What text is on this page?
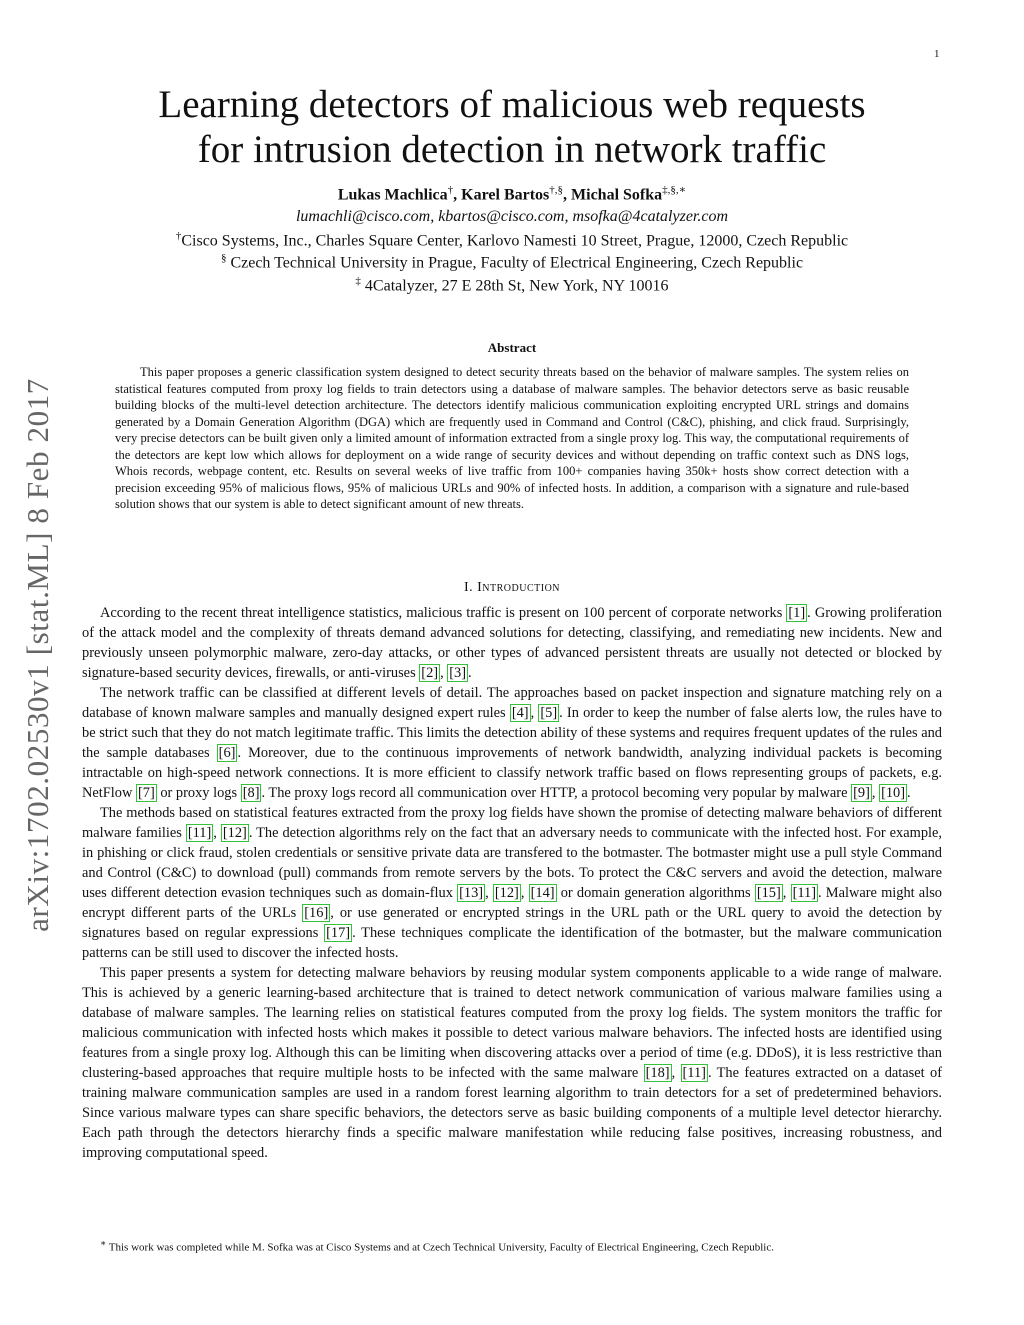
1
arXiv:1702.02530v1 [stat.ML] 8 Feb 2017
Learning detectors of malicious web requests
for intrusion detection in network traffic
Lukas Machlica†, Karel Bartos†,§, Michal Sofka‡,§,∗
lumachli@cisco.com, kbartos@cisco.com, msofka@4catalyzer.com
†Cisco Systems, Inc., Charles Square Center, Karlovo Namesti 10 Street, Prague, 12000, Czech Republic
§ Czech Technical University in Prague, Faculty of Electrical Engineering, Czech Republic
‡ 4Catalyzer, 27 E 28th St, New York, NY 10016
Abstract

This paper proposes a generic classification system designed to detect security threats based on the behavior of malware samples. The system relies on statistical features computed from proxy log fields to train detectors using a database of malware samples. The behavior detectors serve as basic reusable building blocks of the multi-level detection architecture. The detectors identify malicious communication exploiting encrypted URL strings and domains generated by a Domain Generation Algorithm (DGA) which are frequently used in Command and Control (C&C), phishing, and click fraud. Surprisingly, very precise detectors can be built given only a limited amount of information extracted from a single proxy log. This way, the computational requirements of the detectors are kept low which allows for deployment on a wide range of security devices and without depending on traffic context such as DNS logs, Whois records, webpage content, etc. Results on several weeks of live traffic from 100+ companies having 350k+ hosts show correct detection with a precision exceeding 95% of malicious flows, 95% of malicious URLs and 90% of infected hosts. In addition, a comparison with a signature and rule-based solution shows that our system is able to detect significant amount of new threats.

I. Introduction

According to the recent threat intelligence statistics, malicious traffic is present on 100 percent of corporate networks [1] . Growing proliferation of the attack model and the complexity of threats demand advanced solutions for detecting, classifying, and remediating new incidents. New and previously unseen polymorphic malware, zero-day attacks, or other types of advanced persistent threats are usually not detected or blocked by signature-based security devices, firewalls, or anti-viruses [2] , [3] .

The network traffic can be classified at different levels of detail. The approaches based on packet inspection and signature matching rely on a database of known malware samples and manually designed expert rules [4] , [5] . In order to keep the number of false alerts low, the rules have to be strict such that they do not match legitimate traffic. This limits the detection ability of these systems and requires frequent updates of the rules and the sample databases [6] . Moreover, due to the continuous improvements of network bandwidth, analyzing individual packets is becoming intractable on high-speed network connections. It is more efficient to classify network traffic based on flows representing groups of packets, e.g. NetFlow [7] or proxy logs [8] . The proxy logs record all communication over HTTP, a protocol becoming very popular by malware [9] , [10] .

The methods based on statistical features extracted from the proxy log fields have shown the promise of detecting malware behaviors of different malware families [11] , [12] . The detection algorithms rely on the fact that an adversary needs to communicate with the infected host. For example, in phishing or click fraud, stolen credentials or sensitive private data are transfered to the botmaster. The botmaster might use a pull style Command and Control (C&C) to download (pull) commands from remote servers by the bots. To protect the C&C servers and avoid the detection, malware uses different detection evasion techniques such as domain-flux [13] , [12] , [14] or domain generation algorithms [15] , [11] . Malware might also encrypt different parts of the URLs [16] , or use generated or encrypted strings in the URL path or the URL query to avoid the detection by signatures based on regular expressions [17] . These techniques complicate the identification of the botmaster, but the malware communication patterns can be still used to discover the infected hosts.

This paper presents a system for detecting malware behaviors by reusing modular system components applicable to a wide range of malware. This is achieved by a generic learning-based architecture that is trained to detect network communication of various malware families using a database of malware samples. The learning relies on statistical features computed from the proxy log fields. The system monitors the traffic for malicious communication with infected hosts which makes it possible to detect various malware behaviors. The infected hosts are identified using features from a single proxy log. Although this can be limiting when discovering attacks over a period of time (e.g. DDoS), it is less restrictive than clustering-based approaches that require multiple hosts to be infected with the same malware [18] , [11] . The features extracted on a dataset of training malware communication samples are used in a random forest learning algorithm to train detectors for a set of predetermined behaviors. Since various malware types can share specific behaviors, the detectors serve as basic building components of a multiple level detector hierarchy. Each path through the detectors hierarchy finds a specific malware manifestation while reducing false positives, increasing robustness, and improving computational speed.

∗ This work was completed while M. Sofka was at Cisco Systems and at Czech Technical University, Faculty of Electrical Engineering, Czech Republic.
